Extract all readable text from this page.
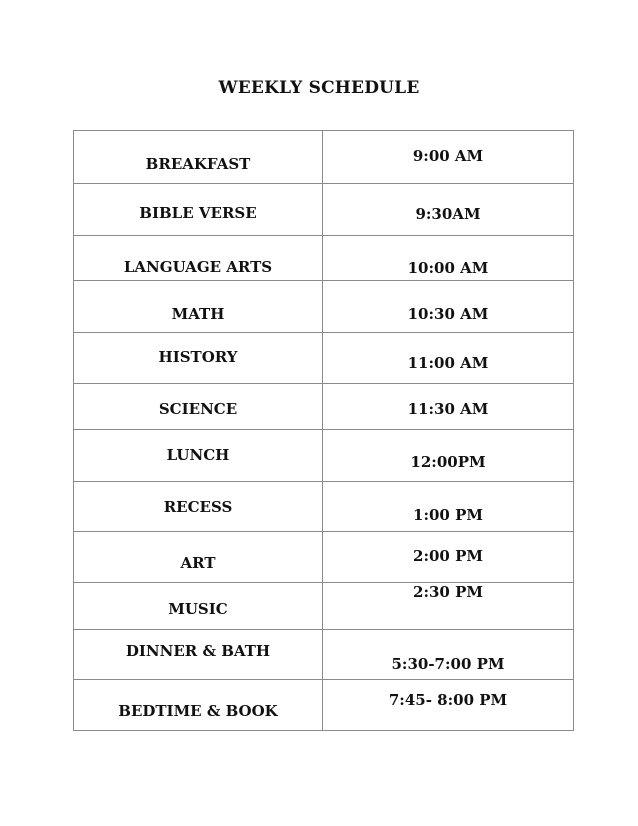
WEEKLY SCHEDULE
BREAKFAST	9:00 AM

BIBLE VERSE	9:30AM

LANGUAGE ARTS	10:00 AM

MATH	10:30 AM

HISTORY	11:00 AM

SCIENCE	11:30 AM

LUNCH	12:00PM

RECESS	1:00 PM

ART	2:00 PM

MUSIC	2:30 PM

DINNER & BATH	5:30-7:00 PM

BEDTIME & BOOK	7:45- 8:00 PM
